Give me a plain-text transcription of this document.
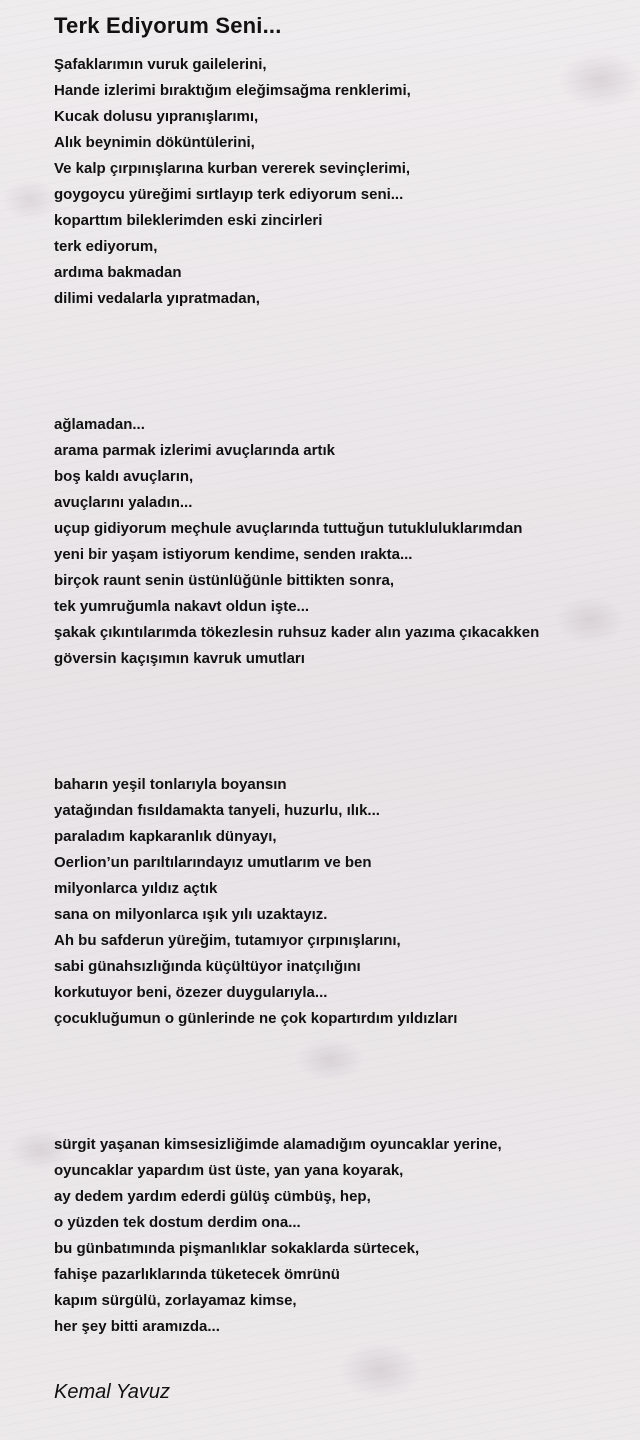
Terk Ediyorum Seni...
Şafaklarımın vuruk gailelerini,
Hande izlerimi bıraktığım eleğimsağma renklerimi,
Kucak dolusu yıpranışlarımı,
Alık beynimin döküntülerini,
Ve kalp çırpınışlarına kurban vererek sevinçlerimi,
goygoycu yüreğimi sırtlayıp terk ediyorum seni...
koparttım bileklerimden eski zincirleri
terk ediyorum,
ardıma bakmadan
dilimi vedalarla yıpratmadan,
ağlamadan...
arama parmak izlerimi avuçlarında artık
boş kaldı avuçların,
avuçlarını yaladın...
uçup gidiyorum meçhule avuçlarında tuttuğun tutukluluklarımdan
yeni bir yaşam istiyorum kendime, senden ırakta...
birçok raunt senin üstünlüğünle bittikten sonra,
tek yumruğumla nakavt oldun işte...
şakak çıkıntılarımda tökezlesin ruhsuz kader alın yazıma çıkacakken
göversin kaçışımın kavruk umutları
baharın yeşil tonlarıyla boyansın
yatağından fısıldamakta tanyeli, huzurlu, ılık...
paraladım kapkaranlık dünyayı,
Oerlion’un parıltılarındayız umutlarım ve ben
milyonlarca yıldız açtık
sana on milyonlarca ışık yılı uzaktayız.
Ah bu safderun yüreğim, tutamıyor çırpınışlarını,
sabi günahsızlığında küçültüyor inatçılığını
korkutuyor beni, özezer duygularıyla...
çocukluğumun o günlerinde ne çok kopartırdım yıldızları
sürgit yaşanan kimsesizliğimde alamadığım oyuncaklar yerine,
oyuncaklar yapardım üst üste, yan yana koyarak,
ay dedem yardım ederdi gülüş cümbüş, hep,
o yüzden tek dostum derdim ona...
bu günbatımında pişmanlıklar sokaklarda sürtecek,
fahişe pazarlıklarında tüketecek ömrünü
kapım sürgülü, zorlayamaz kimse,
her şey bitti aramızda...
Kemal Yavuz
